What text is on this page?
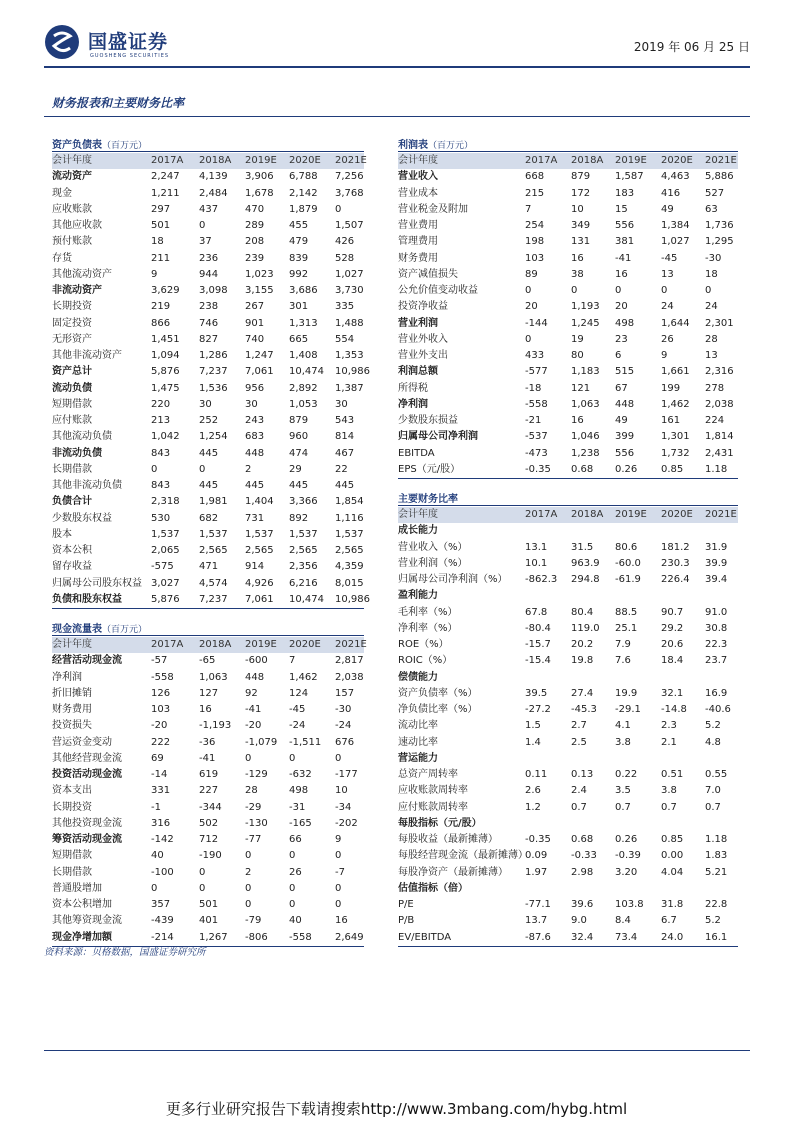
国盛证券
GUOSHENG SECURITIES
2019 年 06 月 25 日
财务报表和主要财务比率
资产负债表（百万元）
会计年度	2017A	2018A	2019E	2020E	2021E
流动资产	2,247	4,139	3,906	6,788	7,256
现金	1,211	2,484	1,678	2,142	3,768
应收账款	297	437	470	1,879	0
其他应收款	501	0	289	455	1,507
预付账款	18	37	208	479	426
存货	211	236	239	839	528
其他流动资产	9	944	1,023	992	1,027
非流动资产	3,629	3,098	3,155	3,686	3,730
长期投资	219	238	267	301	335
固定投资	866	746	901	1,313	1,488
无形资产	1,451	827	740	665	554
其他非流动资产	1,094	1,286	1,247	1,408	1,353
资产总计	5,876	7,237	7,061	10,474	10,986
流动负债	1,475	1,536	956	2,892	1,387
短期借款	220	30	30	1,053	30
应付账款	213	252	243	879	543
其他流动负债	1,042	1,254	683	960	814
非流动负债	843	445	448	474	467
长期借款	0	0	2	29	22
其他非流动负债	843	445	445	445	445
负债合计	2,318	1,981	1,404	3,366	1,854
少数股东权益	530	682	731	892	1,116
股本	1,537	1,537	1,537	1,537	1,537
资本公积	2,065	2,565	2,565	2,565	2,565
留存收益	-575	471	914	2,356	4,359
归属母公司股东权益	3,027	4,574	4,926	6,216	8,015
负债和股东权益	5,876	7,237	7,061	10,474	10,986
现金流量表（百万元）
会计年度	2017A	2018A	2019E	2020E	2021E
经营活动现金流	-57	-65	-600	7	2,817
净利润	-558	1,063	448	1,462	2,038
折旧摊销	126	127	92	124	157
财务费用	103	16	-41	-45	-30
投资损失	-20	-1,193	-20	-24	-24
营运资金变动	222	-36	-1,079	-1,511	676
其他经营现金流	69	-41	0	0	0
投资活动现金流	-14	619	-129	-632	-177
资本支出	331	227	28	498	10
长期投资	-1	-344	-29	-31	-34
其他投资现金流	316	502	-130	-165	-202
筹资活动现金流	-142	712	-77	66	9
短期借款	40	-190	0	0	0
长期借款	-100	0	2	26	-7
普通股增加	0	0	0	0	0
资本公积增加	357	501	0	0	0
其他筹资现金流	-439	401	-79	40	16
现金净增加额	-214	1,267	-806	-558	2,649
利润表（百万元）
会计年度	2017A	2018A	2019E	2020E	2021E
营业收入	668	879	1,587	4,463	5,886
营业成本	215	172	183	416	527
营业税金及附加	7	10	15	49	63
营业费用	254	349	556	1,384	1,736
管理费用	198	131	381	1,027	1,295
财务费用	103	16	-41	-45	-30
资产减值损失	89	38	16	13	18
公允价值变动收益	0	0	0	0	0
投资净收益	20	1,193	20	24	24
营业利润	-144	1,245	498	1,644	2,301
营业外收入	0	19	23	26	28
营业外支出	433	80	6	9	13
利润总额	-577	1,183	515	1,661	2,316
所得税	-18	121	67	199	278
净利润	-558	1,063	448	1,462	2,038
少数股东损益	-21	16	49	161	224
归属母公司净利润	-537	1,046	399	1,301	1,814
EBITDA	-473	1,238	556	1,732	2,431
EPS（元/股）	-0.35	0.68	0.26	0.85	1.18
主要财务比率
会计年度	2017A	2018A	2019E	2020E	2021E
成长能力					
营业收入（%）	13.1	31.5	80.6	181.2	31.9
营业利润（%）	10.1	963.9	-60.0	230.3	39.9
归属母公司净利润（%）	-862.3	294.8	-61.9	226.4	39.4
盈利能力					
毛利率（%）	67.8	80.4	88.5	90.7	91.0
净利率（%）	-80.4	119.0	25.1	29.2	30.8
ROE（%）	-15.7	20.2	7.9	20.6	22.3
ROIC（%）	-15.4	19.8	7.6	18.4	23.7
偿债能力					
资产负债率（%）	39.5	27.4	19.9	32.1	16.9
净负债比率（%）	-27.2	-45.3	-29.1	-14.8	-40.6
流动比率	1.5	2.7	4.1	2.3	5.2
速动比率	1.4	2.5	3.8	2.1	4.8
营运能力					
总资产周转率	0.11	0.13	0.22	0.51	0.55
应收账款周转率	2.6	2.4	3.5	3.8	7.0
应付账款周转率	1.2	0.7	0.7	0.7	0.7
每股指标（元/股）					
每股收益（最新摊薄）	-0.35	0.68	0.26	0.85	1.18
每股经营现金流（最新摊薄）	0.09	-0.33	-0.39	0.00	1.83
每股净资产（最新摊薄）	1.97	2.98	3.20	4.04	5.21
估值指标（倍）					
P/E	-77.1	39.6	103.8	31.8	22.8
P/B	13.7	9.0	8.4	6.7	5.2
EV/EBITDA	-87.6	32.4	73.4	24.0	16.1
资料来源：贝格数据，国盛证券研究所
更多行业研究报告下载请搜索http://www.3mbang.com/hybg.html
